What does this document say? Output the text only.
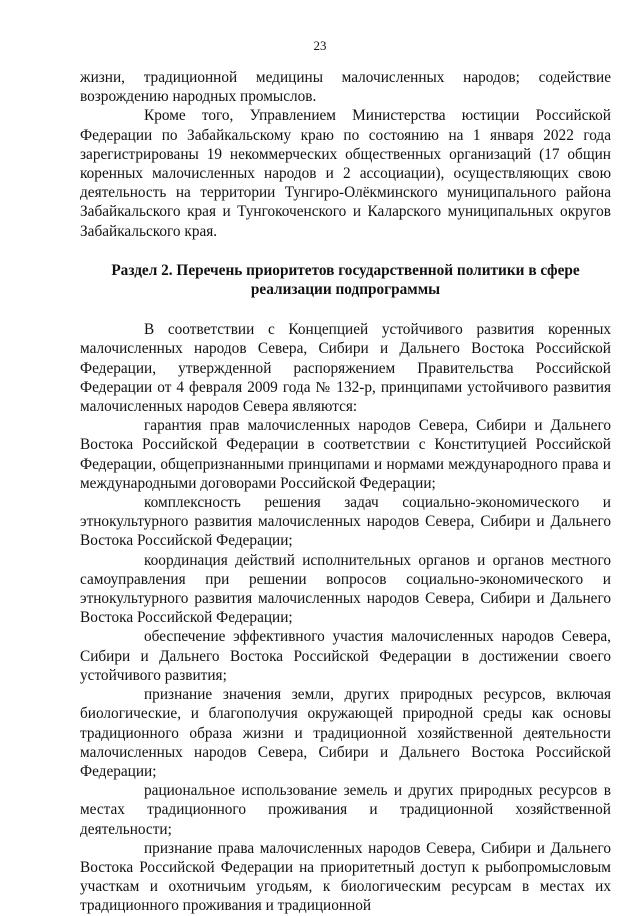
23

жизни, традиционной медицины малочисленных народов; содействие возрождению народных промыслов.

Кроме того, Управлением Министерства юстиции Российской Федерации по Забайкальскому краю по состоянию на 1 января 2022 года зарегистрированы 19 некоммерческих общественных организаций (17 общин коренных малочисленных народов и 2 ассоциации), осуществляющих свою деятельность на территории Тунгиро-Олёкминского муниципального района Забайкальского края и Тунгокоченского и Каларского муниципальных округов Забайкальского края.

Раздел 2. Перечень приоритетов государственной политики в сфере реализации подпрограммы

В соответствии с Концепцией устойчивого развития коренных малочисленных народов Севера, Сибири и Дальнего Востока Российской Федерации, утвержденной распоряжением Правительства Российской Федерации от 4 февраля 2009 года № 132-р, принципами устойчивого развития малочисленных народов Севера являются:

гарантия прав малочисленных народов Севера, Сибири и Дальнего Востока Российской Федерации в соответствии с Конституцией Российской Федерации, общепризнанными принципами и нормами международного права и международными договорами Российской Федерации;

комплексность решения задач социально-экономического и этнокультурного развития малочисленных народов Севера, Сибири и Дальнего Востока Российской Федерации;

координация действий исполнительных органов и органов местного самоуправления при решении вопросов социально-экономического и этнокультурного развития малочисленных народов Севера, Сибири и Дальнего Востока Российской Федерации;

обеспечение эффективного участия малочисленных народов Севера, Сибири и Дальнего Востока Российской Федерации в достижении своего устойчивого развития;

признание значения земли, других природных ресурсов, включая биологические, и благополучия окружающей природной среды как основы традиционного образа жизни и традиционной хозяйственной деятельности малочисленных народов Севера, Сибири и Дальнего Востока Российской Федерации;

рациональное использование земель и других природных ресурсов в местах традиционного проживания и традиционной хозяйственной деятельности;

признание права малочисленных народов Севера, Сибири и Дальнего Востока Российской Федерации на приоритетный доступ к рыбопромысловым участкам и охотничьим угодьям, к биологическим ресурсам в местах их традиционного проживания и традиционной
